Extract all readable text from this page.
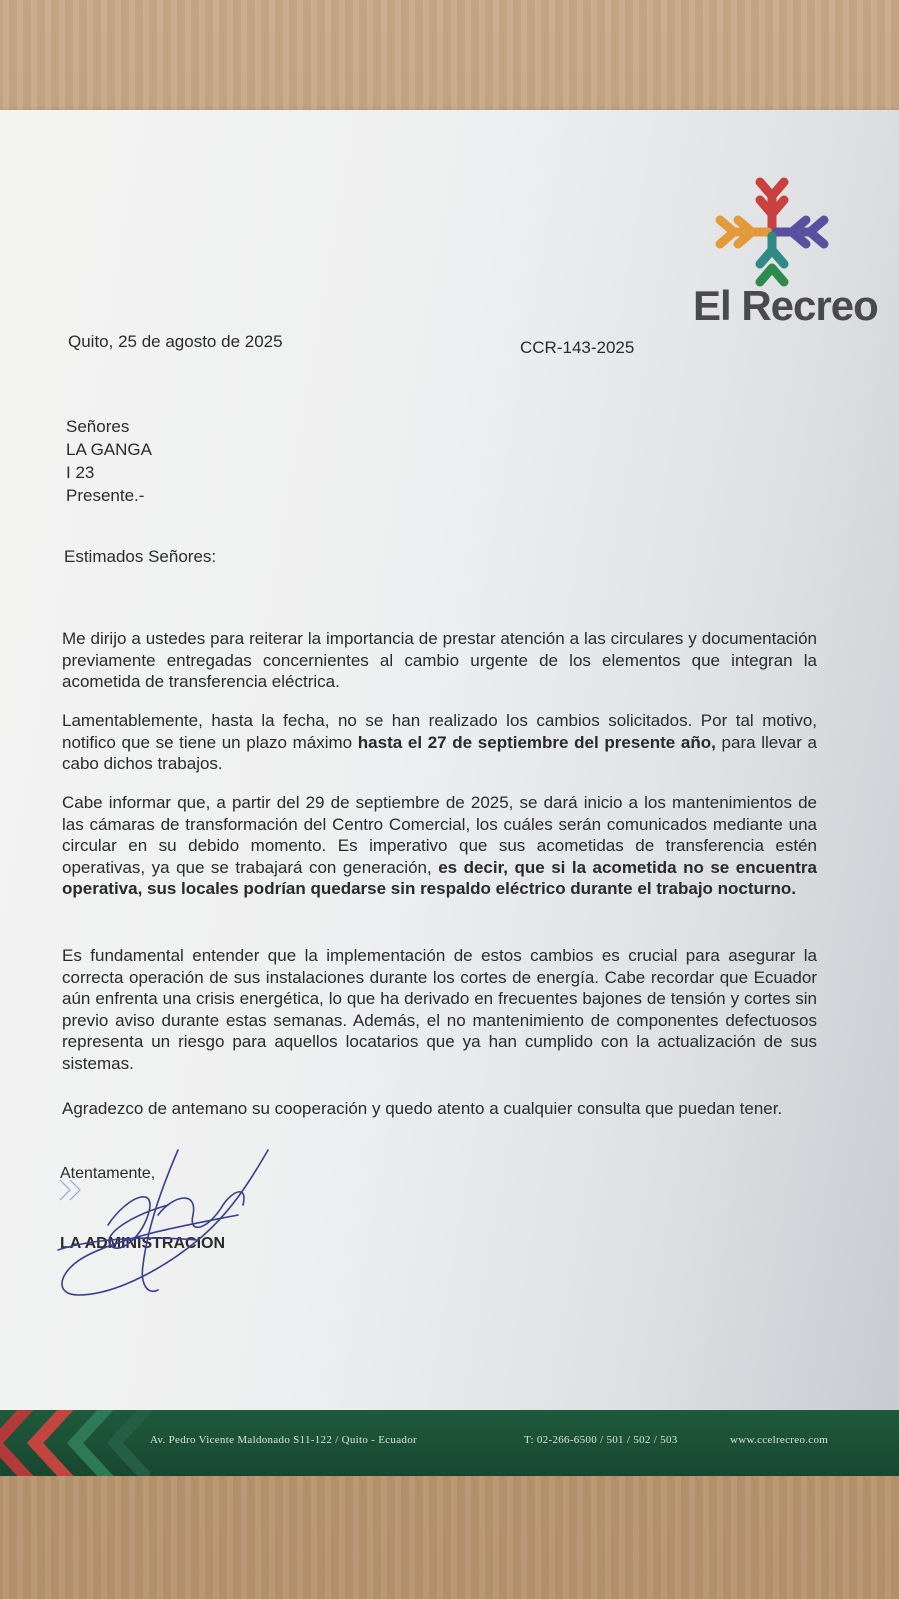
El Recreo
Quito, 25 de agosto de 2025	CCR-143-2025
Señores
LA GANGA
I 23
Presente.-
Estimados Señores:
Me dirijo a ustedes para reiterar la importancia de prestar atención a las circulares y documentación previamente entregadas concernientes al cambio urgente de los elementos que integran la acometida de transferencia eléctrica.
Lamentablemente, hasta la fecha, no se han realizado los cambios solicitados. Por tal motivo, notifico que se tiene un plazo máximo hasta el 27 de septiembre del presente año, para llevar a cabo dichos trabajos.
Cabe informar que, a partir del 29 de septiembre de 2025, se dará inicio a los mantenimientos de las cámaras de transformación del Centro Comercial, los cuáles serán comunicados mediante una circular en su debido momento. Es imperativo que sus acometidas de transferencia estén operativas, ya que se trabajará con generación, es decir, que si la acometida no se encuentra operativa, sus locales podrían quedarse sin respaldo eléctrico durante el trabajo nocturno.
Es fundamental entender que la implementación de estos cambios es crucial para asegurar la correcta operación de sus instalaciones durante los cortes de energía. Cabe recordar que Ecuador aún enfrenta una crisis energética, lo que ha derivado en frecuentes bajones de tensión y cortes sin previo aviso durante estas semanas. Además, el no mantenimiento de componentes defectuosos representa un riesgo para aquellos locatarios que ya han cumplido con la actualización de sus sistemas.
Agradezco de antemano su cooperación y quedo atento a cualquier consulta que puedan tener.
Atentamente,
LA ADMINISTRACION
Av. Pedro Vicente Maldonado S11-122 / Quito - Ecuador	T: 02-266-6500 / 501 / 502 / 503	www.ccelrecreo.com
